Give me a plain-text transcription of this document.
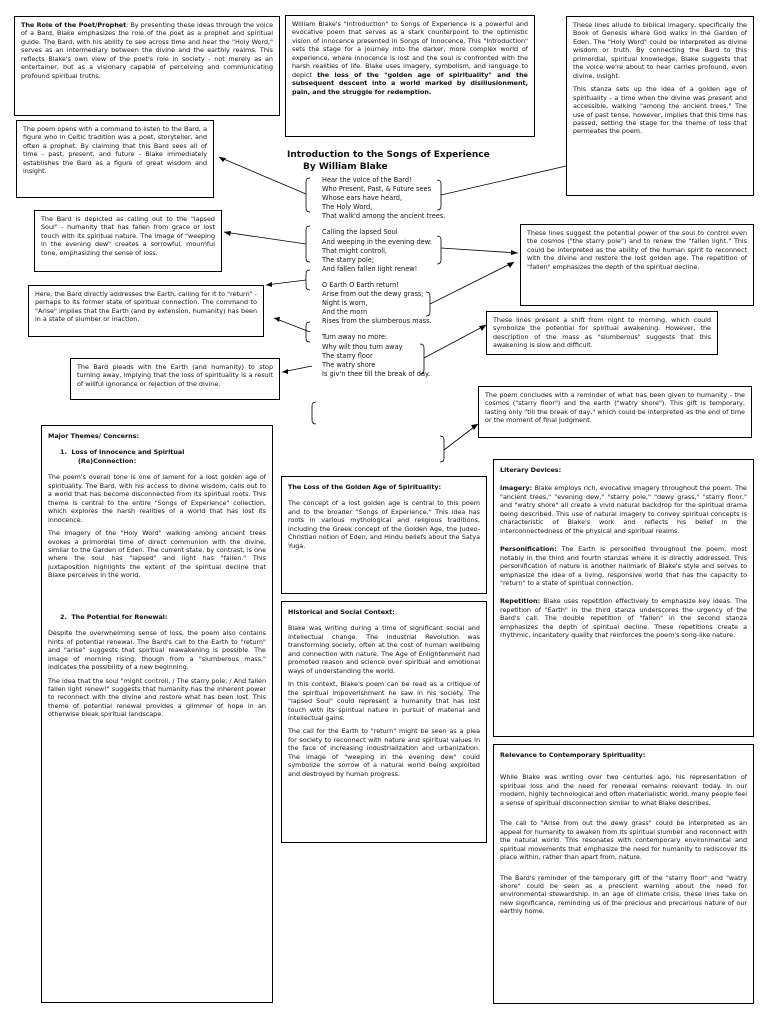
Introduction to the Songs of Experience
By William Blake
Hear the voice of the Bard!
Who Present, Past, & Future sees
Whose ears have heard,
The Holy Word,
That walk'd among the ancient trees.
Calling the lapsed Soul
And weeping in the evening dew:
That might controll,
The starry pole;
And fallen fallen light renew!
O Earth O Earth return!
Arise from out the dewy grass;
Night is worn,
And the morn
Rises from the slumberous mass.
Turn away no more:
Why wilt thou turn away
The starry floor
The watry shore
Is giv'n thee till the break of day.

The Role of the Poet/Prophet: By presenting these ideas through the voice of a Bard, Blake emphasizes the role of the poet as a prophet and spiritual guide. The Bard, with his ability to see across time and hear the "Holy Word," serves as an intermediary between the divine and the earthly realms. This reflects Blake's own view of the poet's role in society - not merely as an entertainer, but as a visionary capable of perceiving and communicating profound spiritual truths.

William Blake's "Introduction" to Songs of Experience is a powerful and evocative poem that serves as a stark counterpoint to the optimistic vision of innocence presented in Songs of Innocence. This "Introduction" sets the stage for a journey into the darker, more complex world of experience, where innocence is lost and the soul is confronted with the harsh realities of life. Blake uses imagery, symbolism, and language to depict the loss of the "golden age of spirituality" and the subsequent descent into a world marked by disillusionment, pain, and the struggle for redemption.

These lines allude to biblical imagery, specifically the Book of Genesis where God walks in the Garden of Eden. The "Holy Word" could be interpreted as divine wisdom or truth. By connecting the Bard to this primordial, spiritual knowledge, Blake suggests that the voice we're about to hear carries profound, even divine, insight.

This stanza sets up the idea of a golden age of spirituality - a time when the divine was present and accessible, walking "among the ancient trees." The use of past tense, however, implies that this time has passed, setting the stage for the theme of loss that permeates the poem.

The poem opens with a command to listen to the Bard, a figure who in Celtic tradition was a poet, storyteller, and often a prophet. By claiming that this Bard sees all of time - past, present, and future - Blake immediately establishes the Bard as a figure of great wisdom and insight.

The Bard is depicted as calling out to the "lapsed Soul" - humanity that has fallen from grace or lost touch with its spiritual nature. The image of "weeping in the evening dew" creates a sorrowful, mournful tone, emphasizing the sense of loss.

These lines suggest the potential power of the soul to control even the cosmos ("the starry pole") and to renew the "fallen light." This could be interpreted as the ability of the human spirit to reconnect with the divine and restore the lost golden age. The repetition of "fallen" emphasizes the depth of the spiritual decline.

Here, the Bard directly addresses the Earth, calling for it to "return" - perhaps to its former state of spiritual connection. The command to "Arise" implies that the Earth (and by extension, humanity) has been in a state of slumber or inaction.	These lines present a shift from night to morning, which could symbolize the potential for spiritual awakening. However, the description of the mass as "slumberous" suggests that this awakening is slow and difficult.

The Bard pleads with the Earth (and humanity) to stop turning away, implying that the loss of spirituality is a result of willful ignorance or rejection of the divine.

The poem concludes with a reminder of what has been given to humanity - the cosmos ("starry floor") and the earth ("watry shore"). This gift is temporary, lasting only "till the break of day," which could be interpreted as the end of time or the moment of final judgment.

Major Themes/ Concerns:
1.  Loss of Innocence and Spiritual
(Re)Connection:

The poem's overall tone is one of lament for a lost golden age of spirituality. The Bard, with his access to divine wisdom, calls out to a world that has become disconnected from its spiritual roots. This theme is central to the entire "Songs of Experience" collection, which explores the harsh realities of a world that has lost its innocence.

The imagery of the "Holy Word" walking among ancient trees evokes a primordial time of direct communion with the divine, similar to the Garden of Eden. The current state, by contrast, is one where the soul has "lapsed" and light has "fallen." This juxtaposition highlights the extent of the spiritual decline that Blake perceives in the world.

2.  The Potential for Renewal:

Despite the overwhelming sense of loss, the poem also contains hints of potential renewal. The Bard's call to the Earth to "return" and "arise" suggests that spiritual reawakening is possible. The image of morning rising, though from a "slumberous mass," indicates the possibility of a new beginning.

The idea that the soul "might controll, / The starry pole; / And fallen fallen light renew!" suggests that humanity has the inherent power to reconnect with the divine and restore what has been lost. This theme of potential renewal provides a glimmer of hope in an otherwise bleak spiritual landscape.

The Loss of the Golden Age of Spirituality:

The concept of a lost golden age is central to this poem and to the broader "Songs of Experience." This idea has roots in various mythological and religious traditions, including the Greek concept of the Golden Age, the Judeo-Christian notion of Eden, and Hindu beliefs about the Satya Yuga.

Historical and Social Context:

Blake was writing during a time of significant social and intellectual change. The Industrial Revolution was transforming society, often at the cost of human wellbeing and connection with nature. The Age of Enlightenment had promoted reason and science over spiritual and emotional ways of understanding the world.

In this context, Blake's poem can be read as a critique of the spiritual impoverishment he saw in his society. The "lapsed Soul" could represent a humanity that has lost touch with its spiritual nature in pursuit of material and intellectual gains.

The call for the Earth to "return" might be seen as a plea for society to reconnect with nature and spiritual values in the face of increasing industrialization and urbanization. The image of "weeping in the evening dew" could symbolize the sorrow of a natural world being exploited and destroyed by human progress.

Literary Devices:

Imagery: Blake employs rich, evocative imagery throughout the poem. The "ancient trees," "evening dew," "starry pole," "dewy grass," "starry floor," and "watry shore" all create a vivid natural backdrop for the spiritual drama being described. This use of natural imagery to convey spiritual concepts is characteristic of Blake's work and reflects his belief in the interconnectedness of the physical and spiritual realms.

Personification: The Earth is personified throughout the poem, most notably in the third and fourth stanzas where it is directly addressed. This personification of nature is another hallmark of Blake's style and serves to emphasize the idea of a living, responsive world that has the capacity to "return" to a state of spiritual connection.

Repetition: Blake uses repetition effectively to emphasize key ideas. The repetition of "Earth" in the third stanza underscores the urgency of the Bard's call. The double repetition of "fallen" in the second stanza emphasizes the depth of spiritual decline. These repetitions create a rhythmic, incantatory quality that reinforces the poem's song-like nature.

Relevance to Contemporary Spirituality:

While Blake was writing over two centuries ago, his representation of spiritual loss and the need for renewal remains relevant today. In our modern, highly technological and often materialistic world, many people feel a sense of spiritual disconnection similar to what Blake describes.

The call to "Arise from out the dewy grass" could be interpreted as an appeal for humanity to awaken from its spiritual slumber and reconnect with the natural world. This resonates with contemporary environmental and spiritual movements that emphasize the need for humanity to rediscover its place within, rather than apart from, nature.

The Bard's reminder of the temporary gift of the "starry floor" and "watry shore" could be seen as a prescient warning about the need for environmental stewardship. In an age of climate crisis, these lines take on new significance, reminding us of the precious and precarious nature of our earthly home.
